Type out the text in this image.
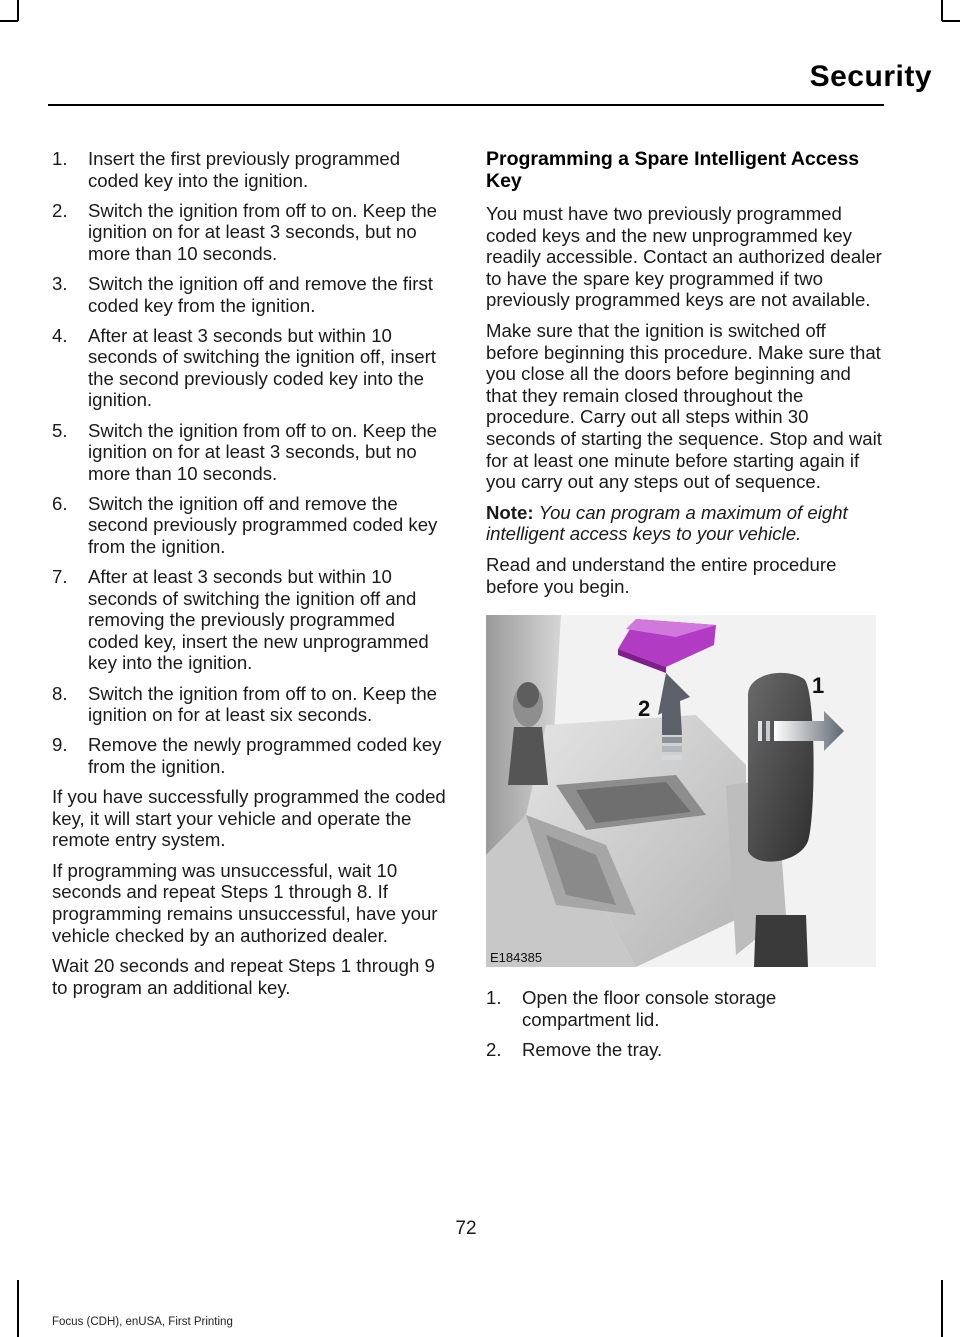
Security
1. Insert the first previously programmed coded key into the ignition.
2. Switch the ignition from off to on. Keep the ignition on for at least 3 seconds, but no more than 10 seconds.
3. Switch the ignition off and remove the first coded key from the ignition.
4. After at least 3 seconds but within 10 seconds of switching the ignition off, insert the second previously coded key into the ignition.
5. Switch the ignition from off to on. Keep the ignition on for at least 3 seconds, but no more than 10 seconds.
6. Switch the ignition off and remove the second previously programmed coded key from the ignition.
7. After at least 3 seconds but within 10 seconds of switching the ignition off and removing the previously programmed coded key, insert the new unprogrammed key into the ignition.
8. Switch the ignition from off to on. Keep the ignition on for at least six seconds.
9. Remove the newly programmed coded key from the ignition.

If you have successfully programmed the coded key, it will start your vehicle and operate the remote entry system.

If programming was unsuccessful, wait 10 seconds and repeat Steps 1 through 8. If programming remains unsuccessful, have your vehicle checked by an authorized dealer.

Wait 20 seconds and repeat Steps 1 through 9 to program an additional key.

Programming a Spare Intelligent Access Key

You must have two previously programmed coded keys and the new unprogrammed key readily accessible. Contact an authorized dealer to have the spare key programmed if two previously programmed keys are not available.

Make sure that the ignition is switched off before beginning this procedure. Make sure that you close all the doors before beginning and that they remain closed throughout the procedure. Carry out all steps within 30 seconds of starting the sequence. Stop and wait for at least one minute before starting again if you carry out any steps out of sequence.

Note: You can program a maximum of eight intelligent access keys to your vehicle.

Read and understand the entire procedure before you begin.

1
2
E184385
1. Open the floor console storage compartment lid.
2. Remove the tray.
72
Focus (CDH), enUSA, First Printing
